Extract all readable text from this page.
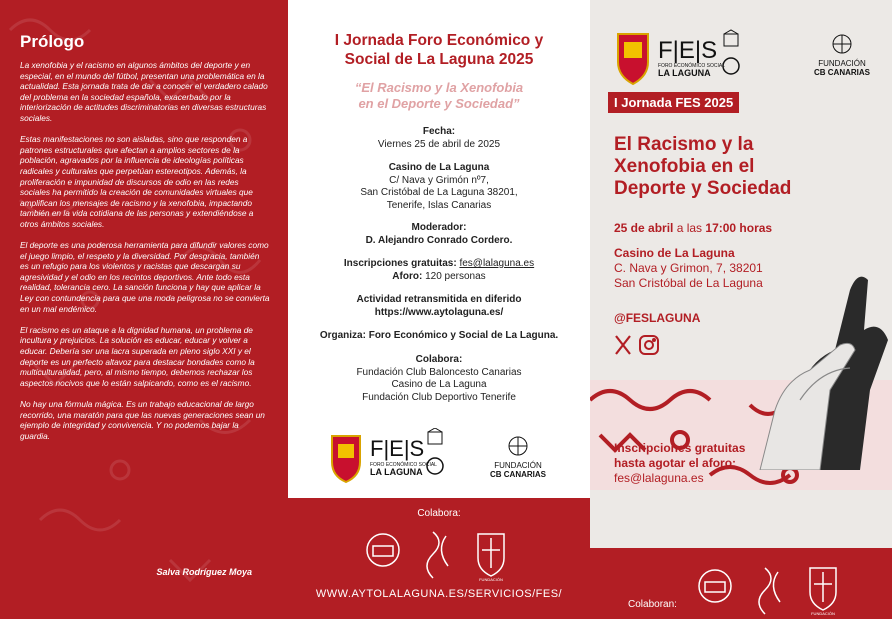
Prólogo

La xenofobia y el racismo en algunos ámbitos del deporte y en especial, en el mundo del fútbol, presentan una problemática en la actualidad. Esta jornada trata de dar a conocer el verdadero calado del problema en la sociedad española, exacerbado por la interiorización de actitudes discriminatorias en diversas estructuras sociales.

Estas manifestaciones no son aisladas, sino que responden a patrones estructurales que afectan a amplios sectores de la población, agravados por la influencia de ideologías políticas radicales y culturales que perpetúan estereotipos. Además, la proliferación e impunidad de discursos de odio en las redes sociales ha permitido la creación de comunidades virtuales que amplifican los mensajes de racismo y la xenofobia, impactando también en la vida cotidiana de las personas y extendiéndose a otros ámbitos sociales.

El deporte es una poderosa herramienta para difundir valores como el juego limpio, el respeto y la diversidad. Por desgracia, también es un refugio para los violentos y racistas que descargan su agresividad y el odio en los recintos deportivos. Ante todo esta realidad, tolerancia cero. La sanción funciona y hay que aplicar la Ley con contundencia para que una moda peligrosa no se convierta en un mal endémico.

El racismo es un ataque a la dignidad humana, un problema de incultura y prejuicios. La solución es educar, educar y volver a educar. Debería ser una lacra superada en pleno siglo XXI y el deporte es un perfecto altavoz para destacar bondades como la multiculturalidad, pero, al mismo tiempo, debemos rechazar los aspectos nocivos que lo están salpicando, como es el racismo.

No hay una fórmula mágica. Es un trabajo educacional de largo recorrido, una maratón para que las nuevas generaciones sean un ejemplo de integridad y convivencia. Y no podemos bajar la guardia.

Salva Rodríguez Moya
I Jornada Foro Económico y
Social de La Laguna 2025
“El Racismo y la Xenofobia
en el Deporte y Sociedad”
Fecha:
Viernes 25 de abril de 2025
Casino de La Laguna
C/ Nava y Grimón nº7,
San Cristóbal de La Laguna 38201,
Tenerife, Islas Canarias
Moderador:
D. Alejandro Conrado Cordero.
Inscripciones gratuitas: fes@lalaguna.es
Aforo: 120 personas
Actividad retransmitida en diferido
https://www.aytolaguna.es/
Organiza: Foro Económico y Social de La Laguna.
Colabora:
Fundación Club Baloncesto Canarias
Casino de La Laguna
Fundación Club Deportivo Tenerife
F|E|S
FORO ECONÓMICO SOCIAL
LA LAGUNA
FUNDACIÓN
CB CANARIAS
Colabora:
FUNDACIÓN
WWW.AYTOLALAGUNA.ES/SERVICIOS/FES/
F|E|S
FORO ECONÓMICO SOCIAL
LA LAGUNA
FUNDACIÓN
CB CANARIAS
I Jornada FES 2025
El Racismo y la
Xenofobia en el
Deporte y Sociedad
25 de abril a las 17:00 horas
Casino de La Laguna
C. Nava y Grimon, 7, 38201
San Cristóbal de La Laguna
@FESLAGUNA
Inscripciones gratuitas
hasta agotar el aforo:
fes@lalaguna.es
Colaboran:
FUNDACIÓN
